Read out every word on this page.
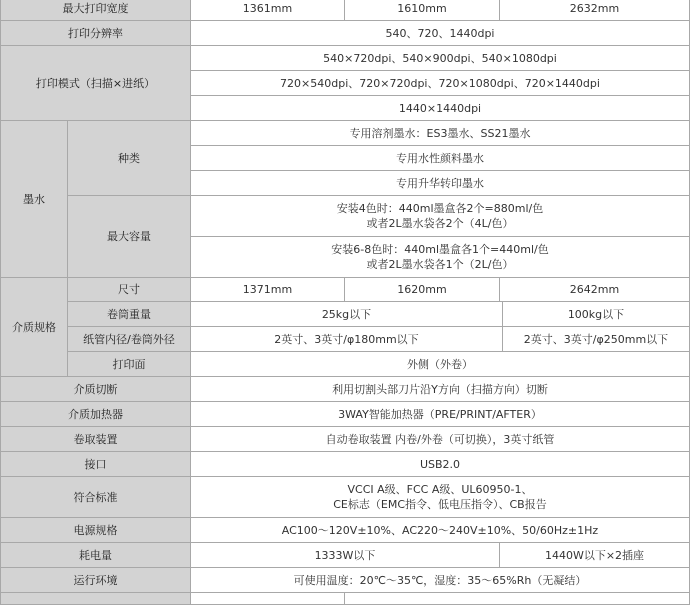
最大打印宽度		1361mm	1610mm	2632mm	
打印分辨率		540、720、1440dpi			
打印模式（扫描×进纸）		540×720dpi、540×900dpi、540×1080dpi			
		720×540dpi、720×720dpi、720×1080dpi、720×1440dpi			
		1440×1440dpi			
墨水	种类	专用溶剂墨水：ES3墨水、SS21墨水			
		专用水性颜料墨水			
		专用升华转印墨水			
	最大容量	安装4色时：440ml墨盒各2个=880ml/色
或者2L墨水袋各2个（4L/色）			

		安装6-8色时：440ml墨盒各1个=440ml/色
或者2L墨水袋各1个（2L/色）			

介质规格	尺寸	1371mm	1620mm	2642mm	
	卷筒重量	25kg以下			100kg以下
	纸管内径/卷筒外径	2英寸、3英寸/φ180mm以下			2英寸、3英寸/φ250mm以下
	打印面	外侧（外卷）			
介质切断		利用切割头部刀片沿Y方向（扫描方向）切断			
介质加热器		3WAY智能加热器（PRE/PRINT/AFTER）			
卷取装置		自动卷取装置 内卷/外卷（可切换），3英寸纸管			
接口		USB2.0			
符合标准		VCCI A级、FCC A级、UL60950-1、
CE标志（EMC指令、低电压指令）、CB报告			

电源规格		AC100～120V±10%、AC220～240V±10%、50/60Hz±1Hz			
耗电量		1333W以下		1440W以下×2插座	
运行环境		可使用温度：20℃～35℃，湿度：35～65%Rh（无凝结）			
